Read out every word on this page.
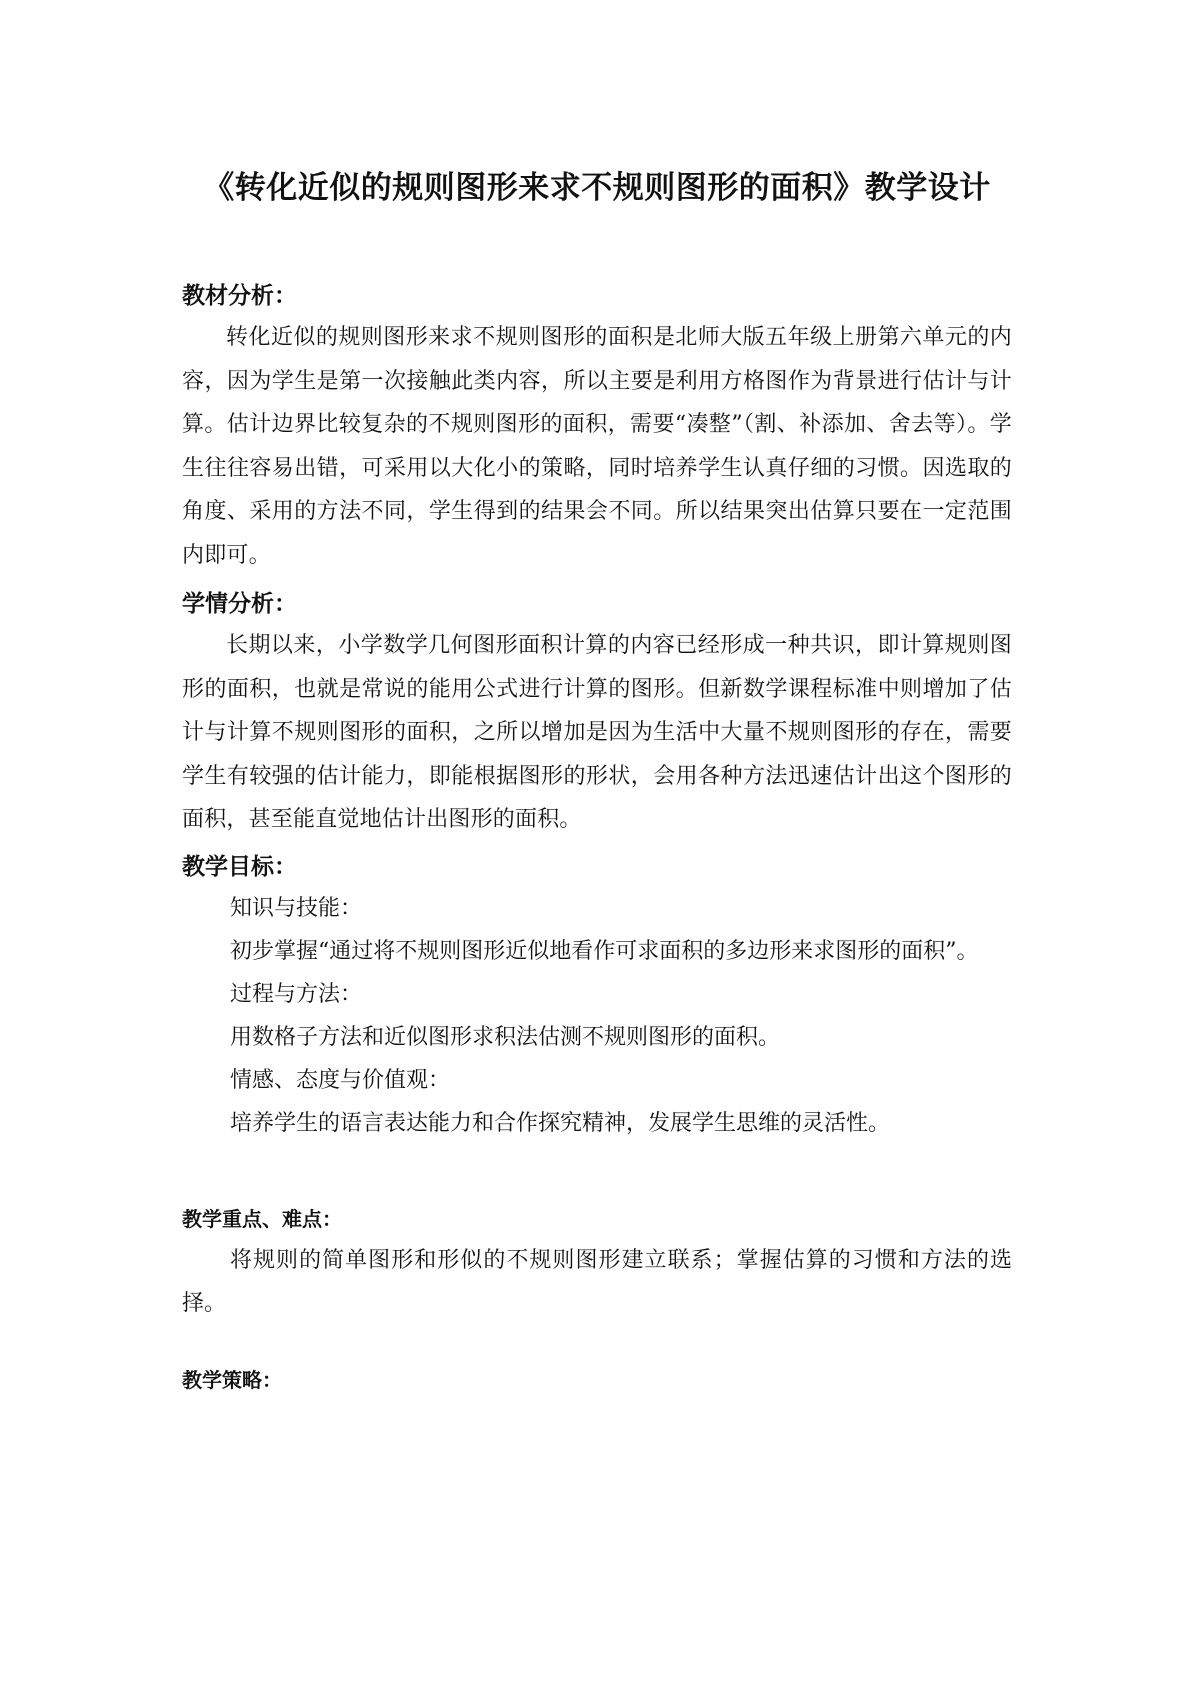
《转化近似的规则图形来求不规则图形的面积》教学设计

教材分析：

转化近似的规则图形来求不规则图形的面积是北师大版五年级上册第六单元的内容，因为学生是第一次接触此类内容，所以主要是利用方格图作为背景进行估计与计算。估计边界比较复杂的不规则图形的面积，需要“凑整”（割、补添加、舍去等）。学生往往容易出错，可采用以大化小的策略，同时培养学生认真仔细的习惯。因选取的角度、采用的方法不同，学生得到的结果会不同。所以结果突出估算只要在一定范围内即可。

学情分析：

长期以来，小学数学几何图形面积计算的内容已经形成一种共识，即计算规则图形的面积，也就是常说的能用公式进行计算的图形。但新数学课程标准中则增加了估计与计算不规则图形的面积，之所以增加是因为生活中大量不规则图形的存在，需要学生有较强的估计能力，即能根据图形的形状，会用各种方法迅速估计出这个图形的面积，甚至能直觉地估计出图形的面积。

教学目标：

知识与技能：

初步掌握“通过将不规则图形近似地看作可求面积的多边形来求图形的面积”。

过程与方法：

用数格子方法和近似图形求积法估测不规则图形的面积。

情感、态度与价值观：

培养学生的语言表达能力和合作探究精神，发展学生思维的灵活性。

教学重点、难点：

将规则的简单图形和形似的不规则图形建立联系；掌握估算的习惯和方法的选择。

教学策略：
